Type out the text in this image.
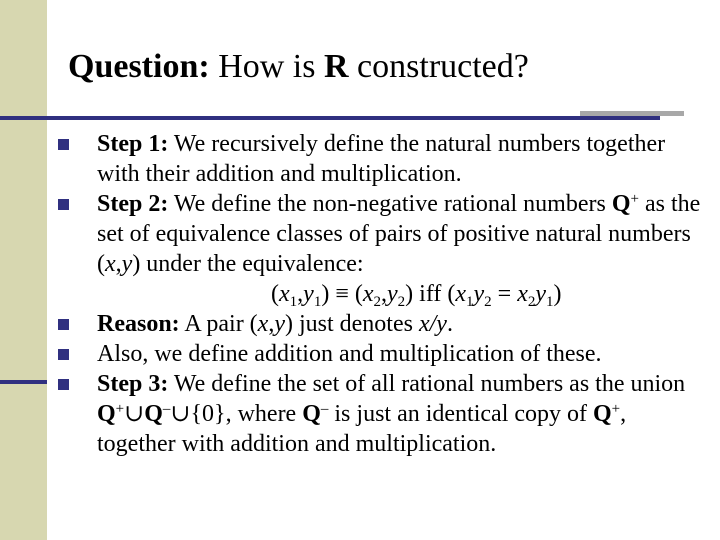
Question: How is R constructed?
Step 1: We recursively define the natural numbers together with their addition and multiplication.
Step 2: We define the non-negative rational numbers Q+ as the set of equivalence classes of pairs of positive natural numbers (x,y) under the equivalence:
$(x_1,y_1) \equiv (x_2,y_2)$ iff $(x_1y_2 = x_2y_1)$
Reason: A pair (x,y) just denotes x/y.
Also, we define addition and multiplication of these.
Step 3: We define the set of all rational numbers as the union Q+∪Q–∪{0}, where Q– is just an identical copy of Q+, together with addition and multiplication.
